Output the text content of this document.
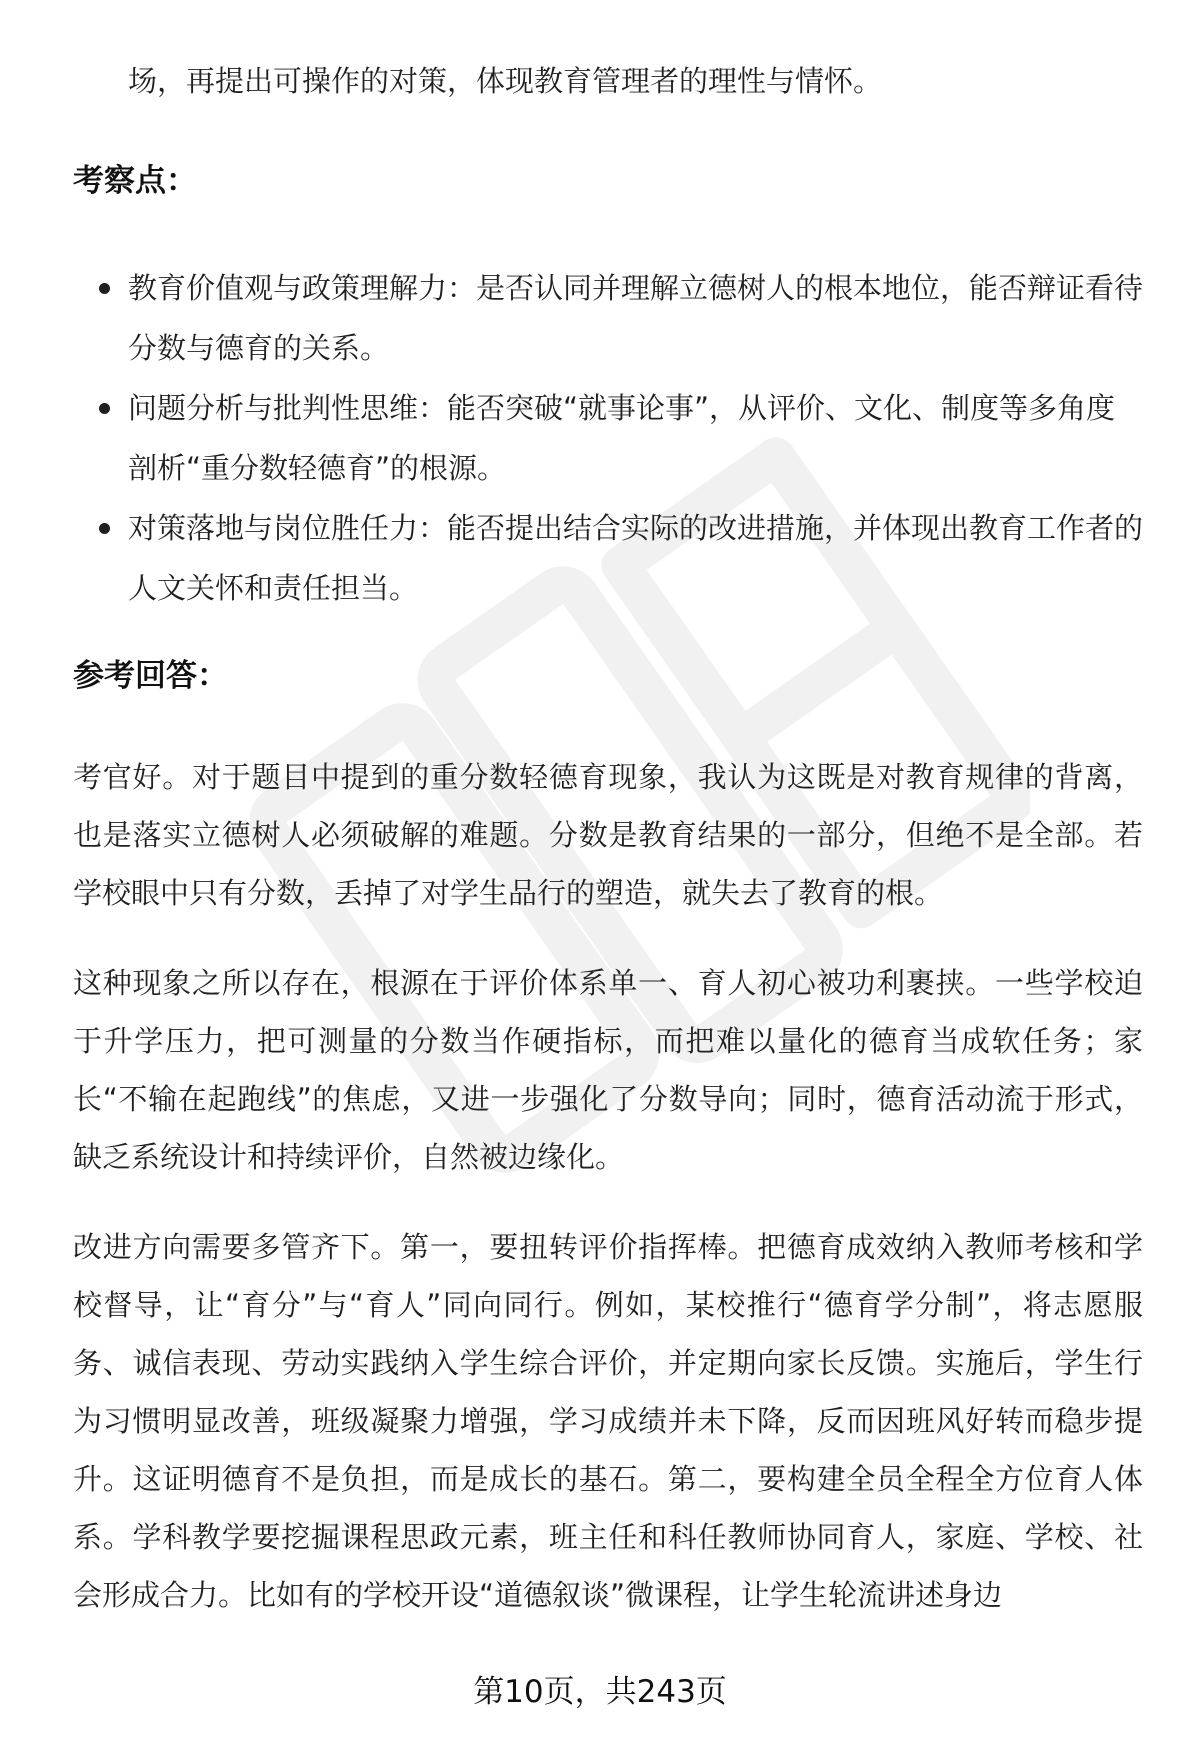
场，再提出可操作的对策，体现教育管理者的理性与情怀。
考察点：
教育价值观与政策理解力：是否认同并理解立德树人的根本地位，能否辩证看待分数与德育的关系。
问题分析与批判性思维：能否突破“就事论事”，从评价、文化、制度等多角度剖析“重分数轻德育”的根源。
对策落地与岗位胜任力：能否提出结合实际的改进措施，并体现出教育工作者的人文关怀和责任担当。
参考回答：

考官好。对于题目中提到的重分数轻德育现象，我认为这既是对教育规律的背离，也是落实立德树人必须破解的难题。分数是教育结果的一部分，但绝不是全部。若学校眼中只有分数，丢掉了对学生品行的塑造，就失去了教育的根。

这种现象之所以存在，根源在于评价体系单一、育人初心被功利裹挟。一些学校迫于升学压力，把可测量的分数当作硬指标，而把难以量化的德育当成软任务；家长“不输在起跑线”的焦虑，又进一步强化了分数导向；同时，德育活动流于形式，缺乏系统设计和持续评价，自然被边缘化。

改进方向需要多管齐下。第一，要扭转评价指挥棒。把德育成效纳入教师考核和学校督导，让“育分”与“育人”同向同行。例如，某校推行“德育学分制”，将志愿服务、诚信表现、劳动实践纳入学生综合评价，并定期向家长反馈。实施后，学生行为习惯明显改善，班级凝聚力增强，学习成绩并未下降，反而因班风好转而稳步提升。这证明德育不是负担，而是成长的基石。第二，要构建全员全程全方位育人体系。学科教学要挖掘课程思政元素，班主任和科任教师协同育人，家庭、学校、社会形成合力。比如有的学校开设“道德叙谈”微课程，让学生轮流讲述身边

第10页，共243页
